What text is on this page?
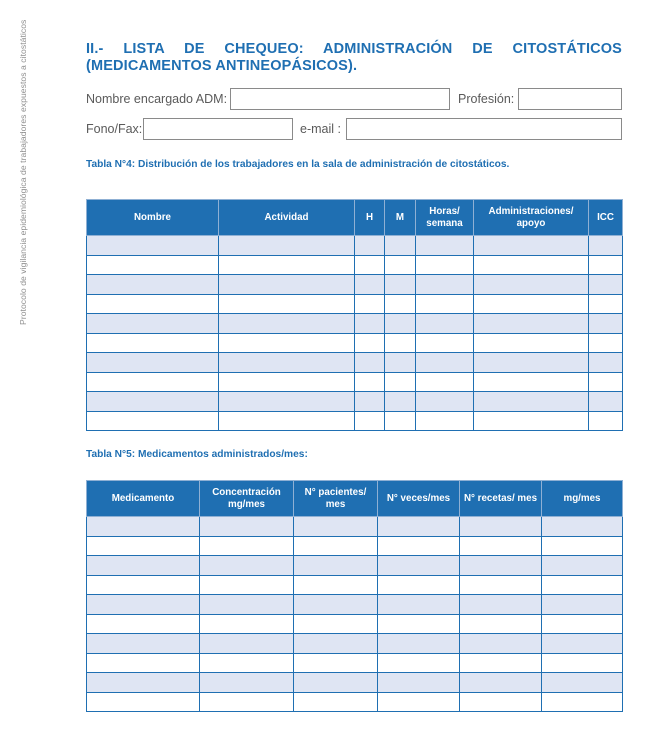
Protocolo de vigilancia epidemiológica de trabajadores expuestos a citostáticos	II.- LISTA DE CHEQUEO: ADMINISTRACIÓN DE CITOSTÁTICOS (MEDICAMENTOS ANTINEOPÁSICOS).
Nombre encargado ADM:	Profesión:
Fono/Fax:	e-mail :
Tabla N°4: Distribución de los trabajadores en la sala de administración de citostáticos.
Nombre	Actividad	H	M	Horas/ semana	Administraciones/ apoyo	ICC

Tabla N°5: Medicamentos administrados/mes:
Medicamento	Concentración mg/mes	N° pacientes/ mes	N° veces/mes	N° recetas/ mes	mg/mes
